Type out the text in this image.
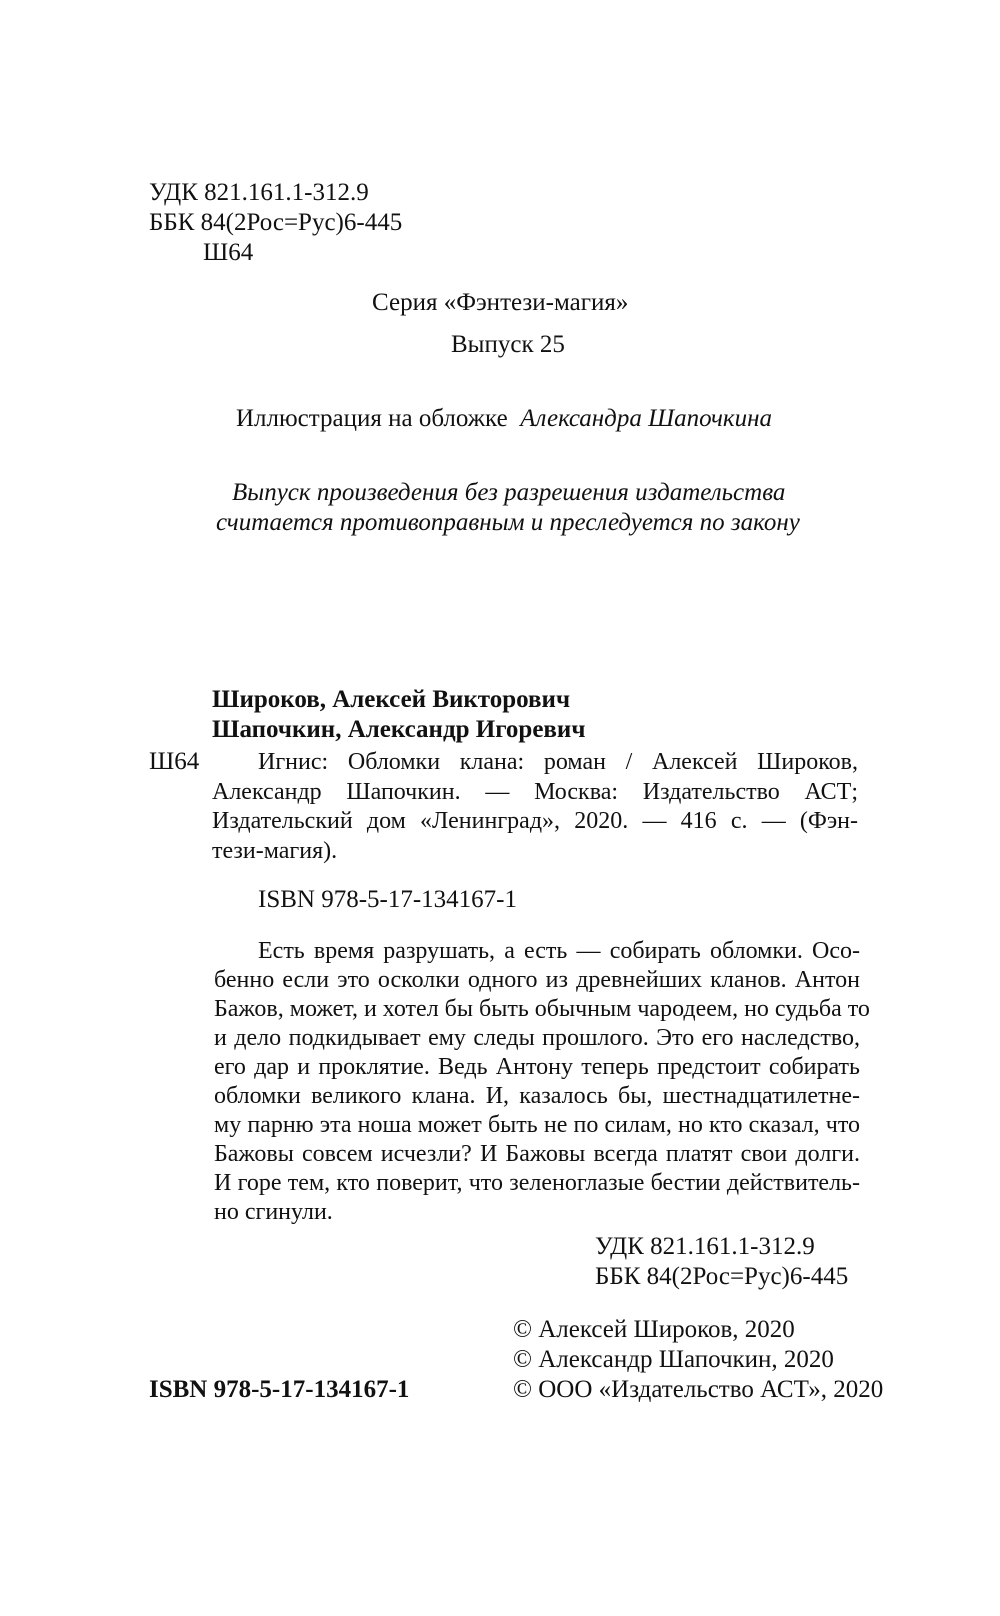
УДК 821.161.1-312.9
ББК 84(2Рос=Рус)6-445
Ш64
Серия «Фэнтези-магия»
Выпуск 25
Иллюстрация на обложке Александра Шапочкина
Выпуск произведения без разрешения издательства
считается противоправным и преследуется по закону
Широков, Алексей Викторович
Шапочкин, Александр Игоревич
Ш64 Игнис: Обломки клана: роман / Алексей Широков,
Александр Шапочкин. — Москва: Издательство АСТ;
Издательский дом «Ленинград», 2020. — 416 с. — (Фэн-
тези-магия).
ISBN 978-5-17-134167-1
Есть время разрушать, а есть — собирать обломки. Осо-
бенно если это осколки одного из древнейших кланов. Антон
Бажов, может, и хотел бы быть обычным чародеем, но судьба то
и дело подкидывает ему следы прошлого. Это его наследство,
его дар и проклятие. Ведь Антону теперь предстоит собирать
обломки великого клана. И, казалось бы, шестнадцатилетне-
му парню эта ноша может быть не по силам, но кто сказал, что
Бажовы совсем исчезли? И Бажовы всегда платят свои долги.
И горе тем, кто поверит, что зеленоглазые бестии действитель-
но сгинули.
УДК 821.161.1-312.9
ББК 84(2Рос=Рус)6-445
© Алексей Широков, 2020
© Александр Шапочкин, 2020
© ООО «Издательство АСТ», 2020
ISBN 978-5-17-134167-1
